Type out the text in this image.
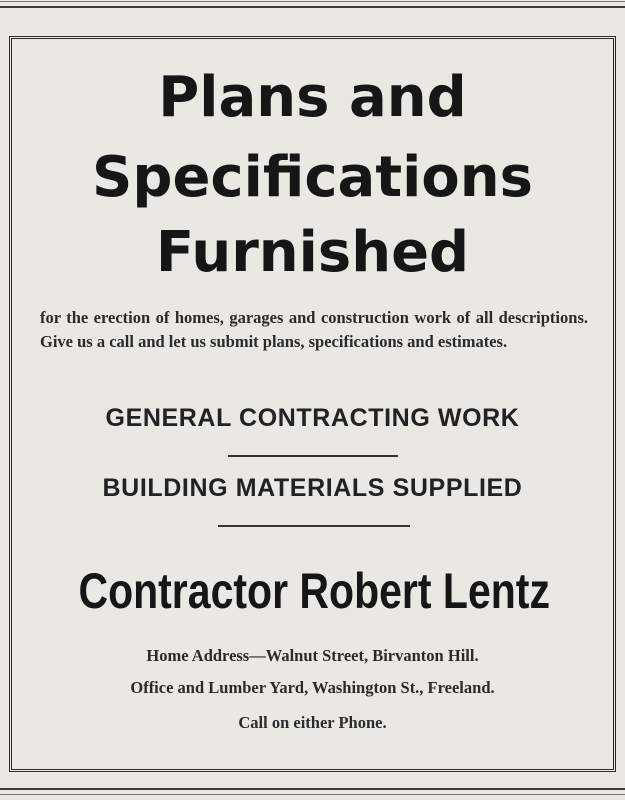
Plans and
Specifications
Furnished
for the erection of homes, garages and construction work of all descriptions. Give us a call and let us submit plans, specifications and estimates.
GENERAL CONTRACTING WORK
BUILDING MATERIALS SUPPLIED
Contractor Robert Lentz
Home Address—Walnut Street, Birvanton Hill.
Office and Lumber Yard, Washington St., Freeland.
Call on either Phone.
